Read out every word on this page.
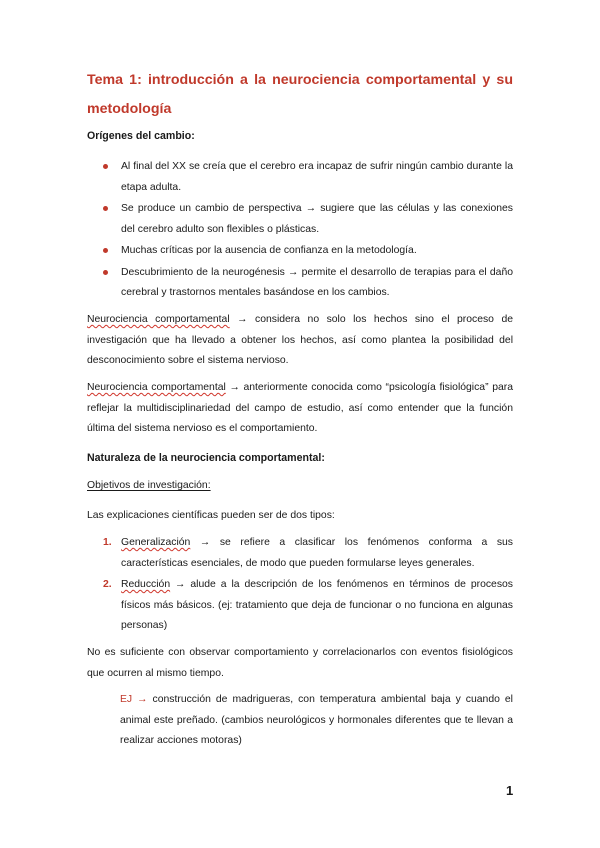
Tema 1: introducción a la neurociencia comportamental y su metodología

Orígenes del cambio:

Al final del XX se creía que el cerebro era incapaz de sufrir ningún cambio durante la etapa adulta.
Se produce un cambio de perspectiva → sugiere que las células y las conexiones del cerebro adulto son flexibles o plásticas.
Muchas críticas por la ausencia de confianza en la metodología.
Descubrimiento de la neurogénesis → permite el desarrollo de terapias para el daño cerebral y trastornos mentales basándose en los cambios.

Neurociencia comportamental → considera no solo los hechos sino el proceso de investigación que ha llevado a obtener los hechos, así como plantea la posibilidad del desconocimiento sobre el sistema nervioso.

Neurociencia comportamental → anteriormente conocida como “psicología fisiológica” para reflejar la multidisciplinariedad del campo de estudio, así como entender que la función última del sistema nervioso es el comportamiento.

Naturaleza de la neurociencia comportamental:

Objetivos de investigación:

Las explicaciones científicas pueden ser de dos tipos:

1. Generalización → se refiere a clasificar los fenómenos conforma a sus características esenciales, de modo que pueden formularse leyes generales.
2. Reducción → alude a la descripción de los fenómenos en términos de procesos físicos más básicos. (ej: tratamiento que deja de funcionar o no funciona en algunas personas)

No es suficiente con observar comportamiento y correlacionarlos con eventos fisiológicos que ocurren al mismo tiempo.

EJ → construcción de madrigueras, con temperatura ambiental baja y cuando el animal este preñado. (cambios neurológicos y hormonales diferentes que te llevan a realizar acciones motoras)

1
